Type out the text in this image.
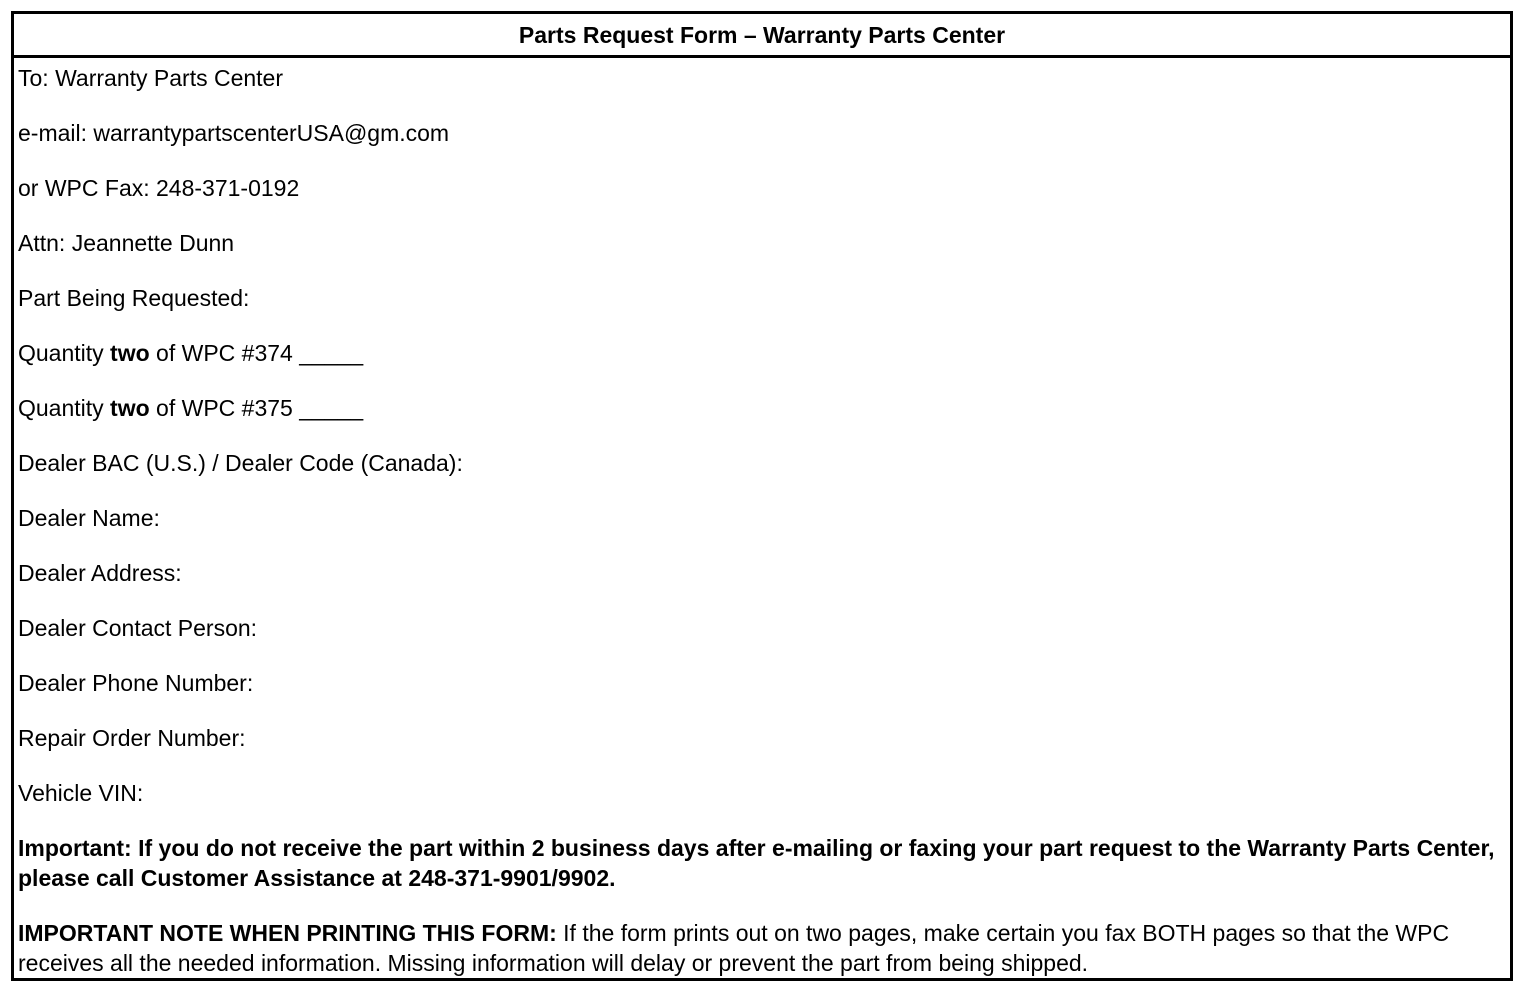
Parts Request Form – Warranty Parts Center
To: Warranty Parts Center
e-mail: warrantypartscenterUSA@gm.com
or WPC Fax: 248-371-0192
Attn: Jeannette Dunn
Part Being Requested:
Quantity two of WPC #374 _____
Quantity two of WPC #375 _____
Dealer BAC (U.S.) / Dealer Code (Canada):
Dealer Name:
Dealer Address:
Dealer Contact Person:
Dealer Phone Number:
Repair Order Number:
Vehicle VIN:
Important: If you do not receive the part within 2 business days after e-mailing or faxing your part request to the Warranty Parts Center, please call Customer Assistance at 248-371-9901/9902.
IMPORTANT NOTE WHEN PRINTING THIS FORM: If the form prints out on two pages, make certain you fax BOTH pages so that the WPC receives all the needed information. Missing information will delay or prevent the part from being shipped.
